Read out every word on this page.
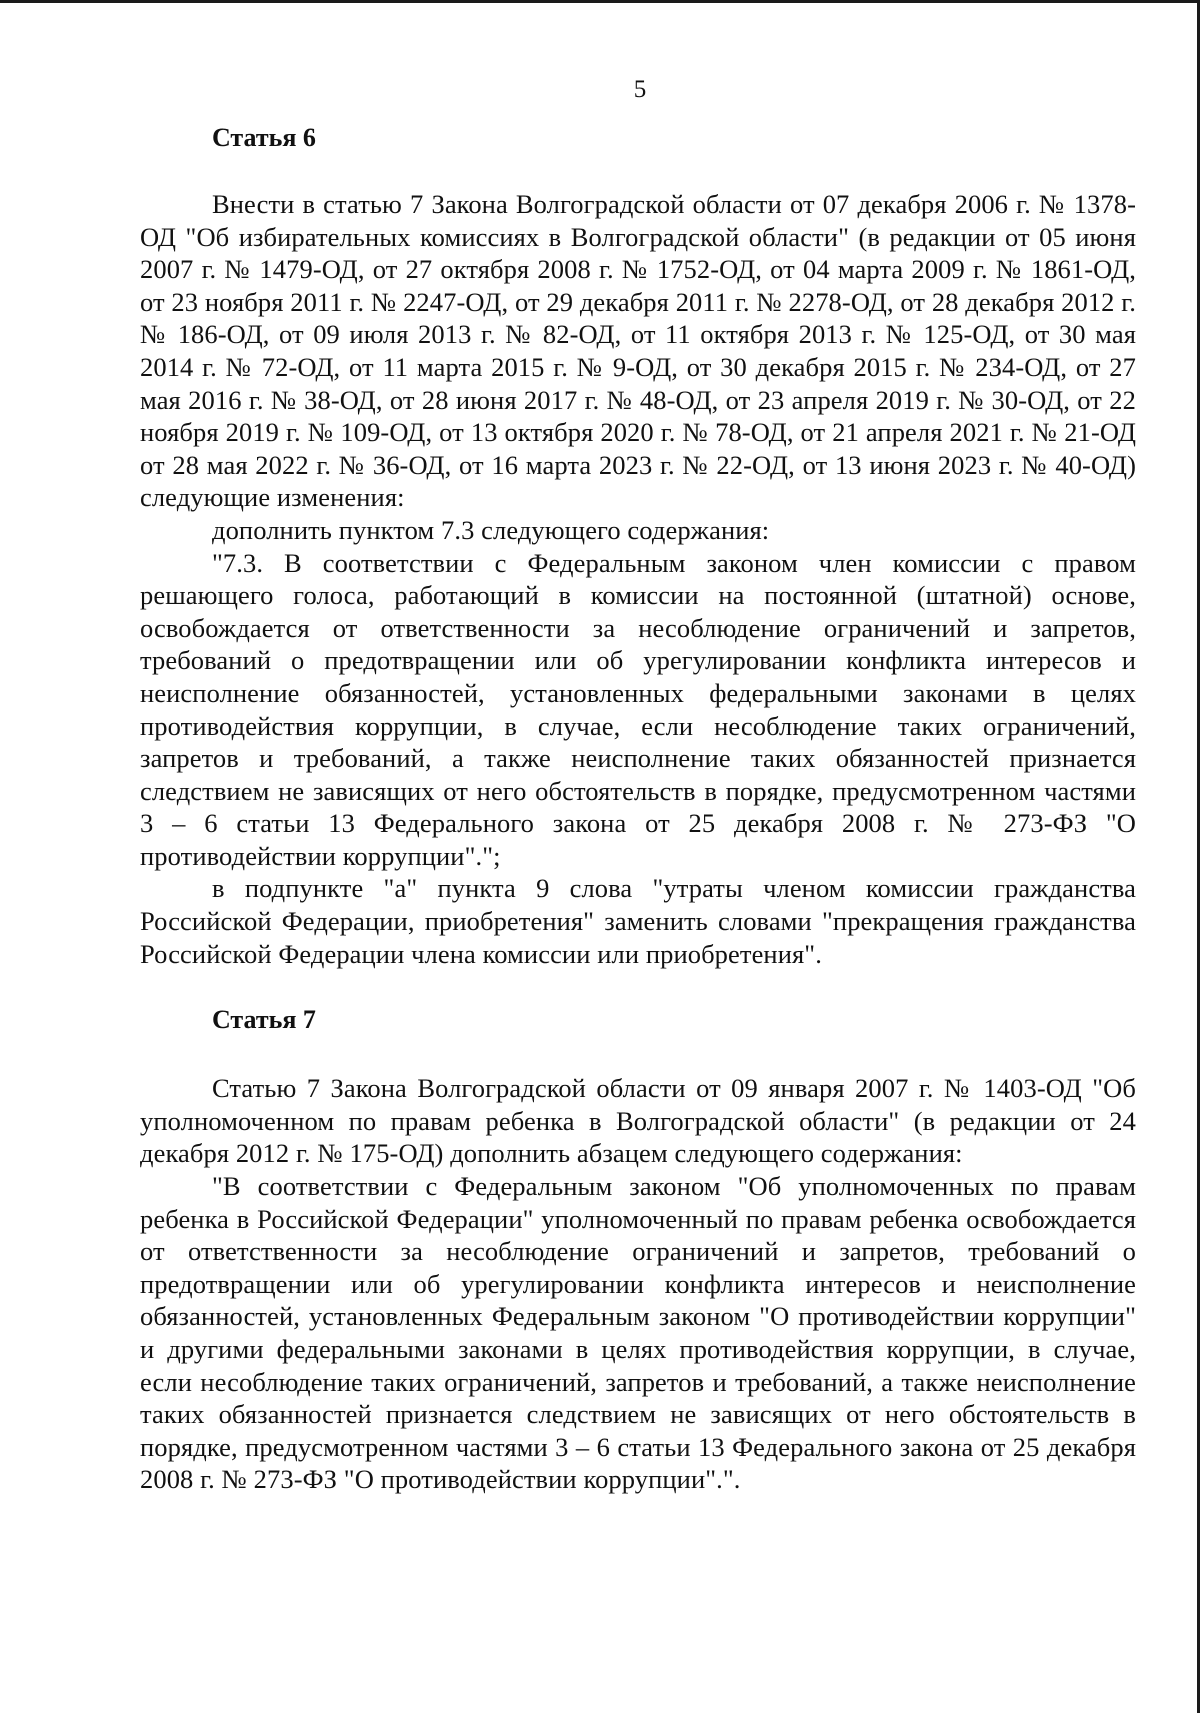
5
Статья 6

Внести в статью 7 Закона Волгоградской области от 07 декабря 2006 г. № 1378-ОД "Об избирательных комиссиях в Волгоградской области" (в редакции от 05 июня 2007 г. № 1479-ОД, от 27 октября 2008 г. № 1752-ОД, от 04 марта 2009 г. № 1861-ОД, от 23 ноября 2011 г. № 2247-ОД, от 29 декабря 2011 г. № 2278-ОД, от 28 декабря 2012 г. № 186-ОД, от 09 июля 2013 г. № 82-ОД, от 11 октября 2013 г. № 125-ОД, от 30 мая 2014 г. № 72-ОД, от 11 марта 2015 г. № 9-ОД, от 30 декабря 2015 г. № 234-ОД, от 27 мая 2016 г. № 38-ОД, от 28 июня 2017 г. № 48-ОД, от 23 апреля 2019 г. № 30-ОД, от 22 ноября 2019 г. № 109-ОД, от 13 октября 2020 г. № 78-ОД, от 21 апреля 2021 г. № 21-ОД от 28 мая 2022 г. № 36-ОД, от 16 марта 2023 г. № 22-ОД, от 13 июня 2023 г. № 40-ОД) следующие изменения:

дополнить пунктом 7.3 следующего содержания:

"7.3. В соответствии с Федеральным законом член комиссии с правом решающего голоса, работающий в комиссии на постоянной (штатной) основе, освобождается от ответственности за несоблюдение ограничений и запретов, требований о предотвращении или об урегулировании конфликта интересов и неисполнение обязанностей, установленных федеральными законами в целях противодействия коррупции, в случае, если несоблюдение таких ограничений, запретов и требований, а также неисполнение таких обязанностей признается следствием не зависящих от него обстоятельств в порядке, предусмотренном частями 3 – 6 статьи 13 Федерального закона от 25 декабря 2008 г. № 273-ФЗ "О противодействии коррупции".";

в подпункте "а" пункта 9 слова "утраты членом комиссии гражданства Российской Федерации, приобретения" заменить словами "прекращения гражданства Российской Федерации члена комиссии или приобретения".

Статья 7

Статью 7 Закона Волгоградской области от 09 января 2007 г. № 1403-ОД "Об уполномоченном по правам ребенка в Волгоградской области" (в редакции от 24 декабря 2012 г. № 175-ОД) дополнить абзацем следующего содержания:

"В соответствии с Федеральным законом "Об уполномоченных по правам ребенка в Российской Федерации" уполномоченный по правам ребенка освобождается от ответственности за несоблюдение ограничений и запретов, требований о предотвращении или об урегулировании конфликта интересов и неисполнение обязанностей, установленных Федеральным законом "О противодействии коррупции" и другими федеральными законами в целях противодействия коррупции, в случае, если несоблюдение таких ограничений, запретов и требований, а также неисполнение таких обязанностей признается следствием не зависящих от него обстоятельств в порядке, предусмотренном частями 3 – 6 статьи 13 Федерального закона от 25 декабря 2008 г. № 273-ФЗ "О противодействии коррупции".".
